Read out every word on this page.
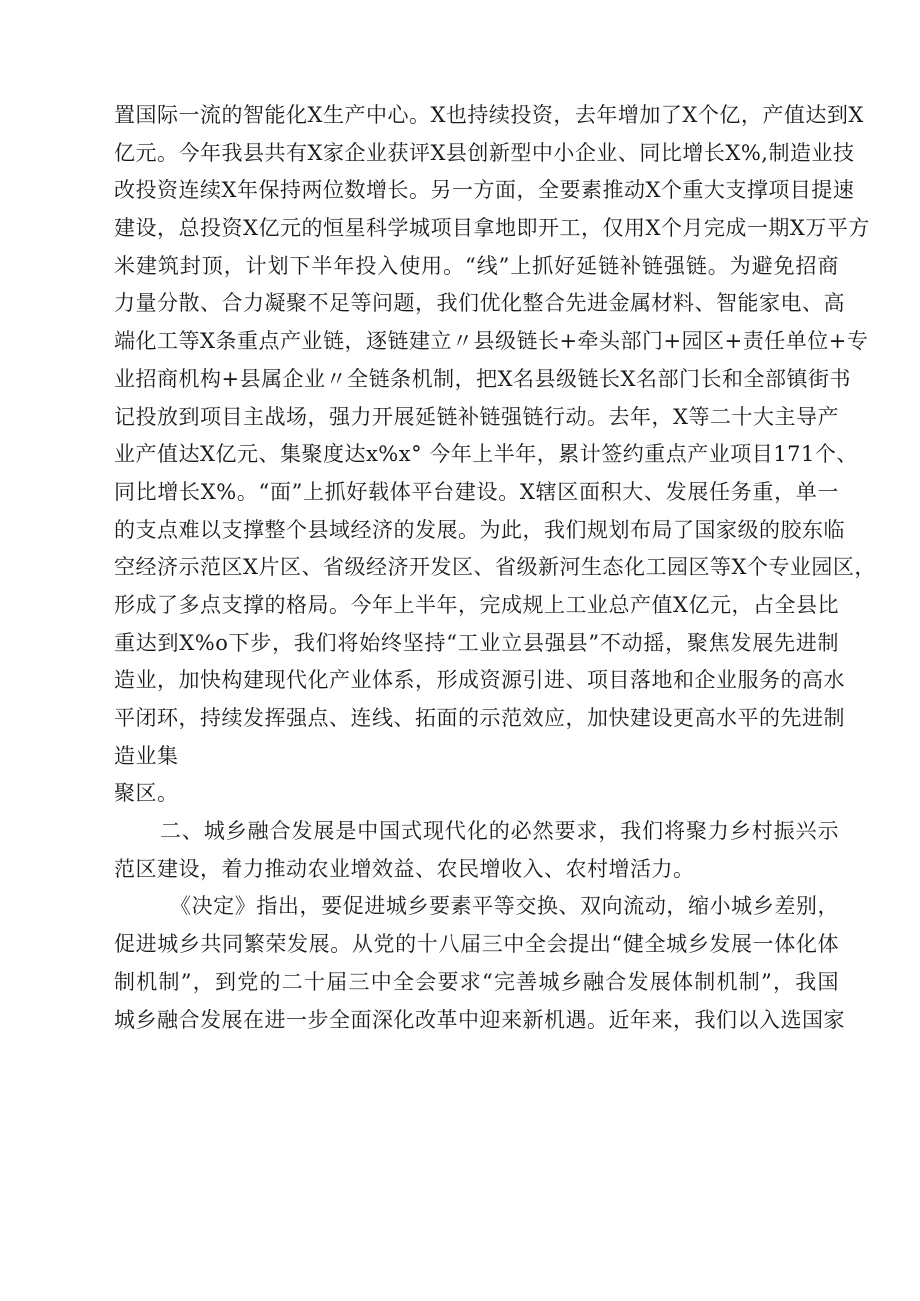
置国际一流的智能化X生产中心。X也持续投资，去年增加了X个亿，产值达到X
亿元。今年我县共有X家企业获评X县创新型中小企业、同比增长X%,制造业技
改投资连续X年保持两位数增长。另一方面，全要素推动X个重大支撑项目提速
建设，总投资X亿元的恒星科学城项目拿地即开工，仅用X个月完成一期X万平方
米建筑封顶，计划下半年投入使用。“线”上抓好延链补链强链。为避免招商
力量分散、合力凝聚不足等问题，我们优化整合先进金属材料、智能家电、高
端化工等X条重点产业链，逐链建立〃县级链长+牵头部门+园区+责任单位+专
业招商机构+县属企业〃全链条机制，把X名县级链长X名部门长和全部镇街书
记投放到项目主战场，强力开展延链补链强链行动。去年，X等二十大主导产
业产值达X亿元、集聚度达x%x° 今年上半年，累计签约重点产业项目171个、
同比增长X%。“面”上抓好载体平台建设。X辖区面积大、发展任务重，单一
的支点难以支撑整个县域经济的发展。为此，我们规划布局了国家级的胶东临
空经济示范区X片区、省级经济开发区、省级新河生态化工园区等X个专业园区，
形成了多点支撑的格局。今年上半年，完成规上工业总产值X亿元，占全县比
重达到X%o下步，我们将始终坚持“工业立县强县”不动摇，聚焦发展先进制
造业，加快构建现代化产业体系，形成资源引进、项目落地和企业服务的高水
平闭环，持续发挥强点、连线、拓面的示范效应，加快建设更高水平的先进制
造业集
聚区。
二、城乡融合发展是中国式现代化的必然要求，我们将聚力乡村振兴示
范区建设，着力推动农业增效益、农民增收入、农村增活力。
《决定》指出，要促进城乡要素平等交换、双向流动，缩小城乡差别，
促进城乡共同繁荣发展。从党的十八届三中全会提出“健全城乡发展一体化体
制机制”，到党的二十届三中全会要求“完善城乡融合发展体制机制”，我国
城乡融合发展在进一步全面深化改革中迎来新机遇。近年来，我们以入选国家
